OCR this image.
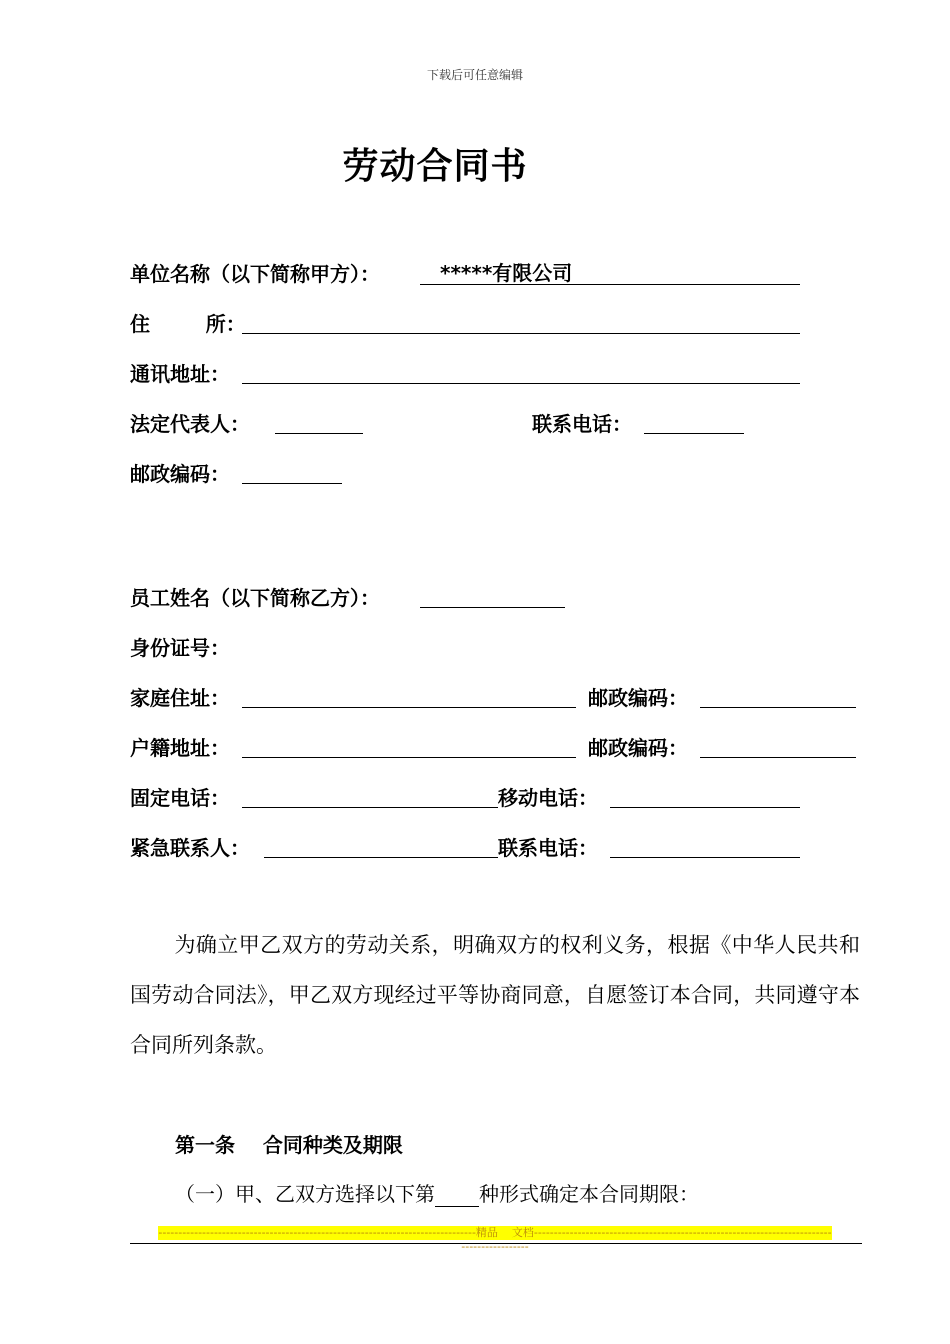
下载后可任意编辑
劳动合同书
单位名称（以下简称甲方）：	*****有限公司
住        所：
通讯地址：
法定代表人：	联系电话：
邮政编码：
员工姓名（以下简称乙方）：
身份证号：
家庭住址：	邮政编码：
户籍地址：	邮政编码：
固定电话：	移动电话：
紧急联系人：	联系电话：
为确立甲乙双方的劳动关系，明确双方的权利义务，根据《中华人民共和国劳动合同法》，甲乙双方现经过平等协商同意，自愿签订本合同，共同遵守本合同所列条款。
第一条    合同种类及期限
（一）甲、乙双方选择以下第 种形式确定本合同期限：
--------------------------------------------------------------------------------精品    文档--------------------------------------------------------------------------------------------
